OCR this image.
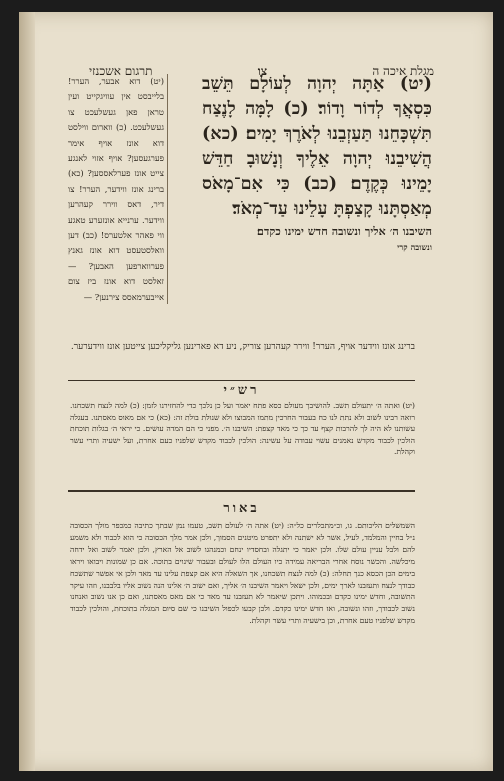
מגלת איכה ה
צו
תרגום אשכנזי

(יט) אַתָּה יְהוָה לְעוֹלָם תֵּשֵׁב כִּסְאֲךָ לְדוֹר וָדוֹר׃ (כ) לָמָּה לָנֶצַח תִּשְׁכָּחֵנוּ תַּעַזְבֵנוּ לְאֹרֶךְ יָמִים׃ (כא) הֲשִׁיבֵנוּ יְהוָה אֵלֶיךָ וְנָשׁוּבָ חַדֵּשׁ יָמֵינוּ כְּקֶדֶם׃ (כב) כִּי אִם־מָאֹס מְאַסְתָּנוּ קָצַפְתָּ עָלֵינוּ עַד־מְאֹד׃

השיבנו ה׳ אליך ונשובה חדש ימינו כקדם׃

ונשובה קרי

(יט) דוא אבער, הערר! בלייבסט אין עוויגקייט ועין טראן פאן געשלעכט צו געשלעכט. (כ) ווארום ווילסט דוא אונז אויף אימר פערגעסען? אויף אזוי לאנגע צייט אונז פערלאססען? (כא) ברינג אונז ווידער, הערר! צו דיר, דאס ווירר קעהרען ווידער. ערנייא אונזערע טאגע ווי פאהר אלטערס! (כב) דען וואלסטעסט דוא אונז גאנץ פערווארפען האבען? — זאלסט דוא אונז ביז צום אייבערמאסס צירנען? —

ברינג אונז ווידער אויף, הערר! ווירר קעהרען צוריק, ניע דא פארינען גליקליכען צייטען אונז ווידערער.
רש״י
(יט) ואתה ה׳ יתעולם תשב. להושיבך מעולם כסא פתח יאמר ועל כן נלכך כדי להחזירנו לזמן: (כ) למה לנצח תשכחנו. רואה רבינו לשוב ולא נתת לנו כח בעבור החרכין מתמו המבוצו ולא שנולת בולת זה: (כא) כי אם מאוס מאסתנו. בעגלה עשותנו לא היה לך להרבות קצף עד כך כי מאד קצפת: השיבנו ה׳. מפני כי הם המדה עושים. כי יראי ה׳ בגלות תוכחת הולכין לכבוד מקדש נאמנים עשוי עבודה על עשינה: הולכין לכבוד מקדש שלפניו כעם אחרת, ועל ישעיה ותרי עשר וקהלת.
באור
השמשלים הליכותם. גו, וכ״מתכלרים כל״ה: (יט) אתה ה׳ לעולם תשב, טעמו נמן שבתך כתיבה כמכפר מולך הכסובה נ״ל בחיין והמלמד, לעיל, אשר לא ישתנה ולא יתפרט מיטנים הסמוך, ולכן אמר מלך הכסובה כי הוא לכבוד ולא משמע להם ולבל עניין עולם שלו. ולכן יאמר כי יתגלה ובחסדיו ינחם וכמנהגו לשוב אל הארץ, ולכן יאמר לשוב ואל ידחה מיכלשה. והכשר נוסח אחרי הבריאה עמידה כיו העולם הלו לעולם ובעבור שינוים בתוכה. אם כן שמונות ויבואו ויראו בימים הכן הכסא כנך תחלה: (כ) למה לנצח תשכחנו, אך השאלה היא אם קצפת עלינו עד מאד ולכן אי אפשר שתשכח כבודך לנצח ותעזבנו לארך ימים, ולכן ישאל ויאמר השיבנו ה׳ אליך, ואם ישוב ה׳ אלינו הנה נשוב אליו בלבבנו, וזהו עיקר התשובה, וחדש ימינו כקדם ובכמוהו. ויתכן שיאמר לא תעזבנו עד מאד כי אם מאס מאסתנו, ואם כן אנו נשוב ואנחנו נשוב לכבודך, וזהו ונשובה, ואז חדש ימינו כקדם. ולכן קבעו לכפול השיבנו כי שם סיום המגלה בתוכחת, והולכין לכבוד מקדש שלפניו טעם אחרת, וכן בישעיה ותרי עשר וקהלת.
